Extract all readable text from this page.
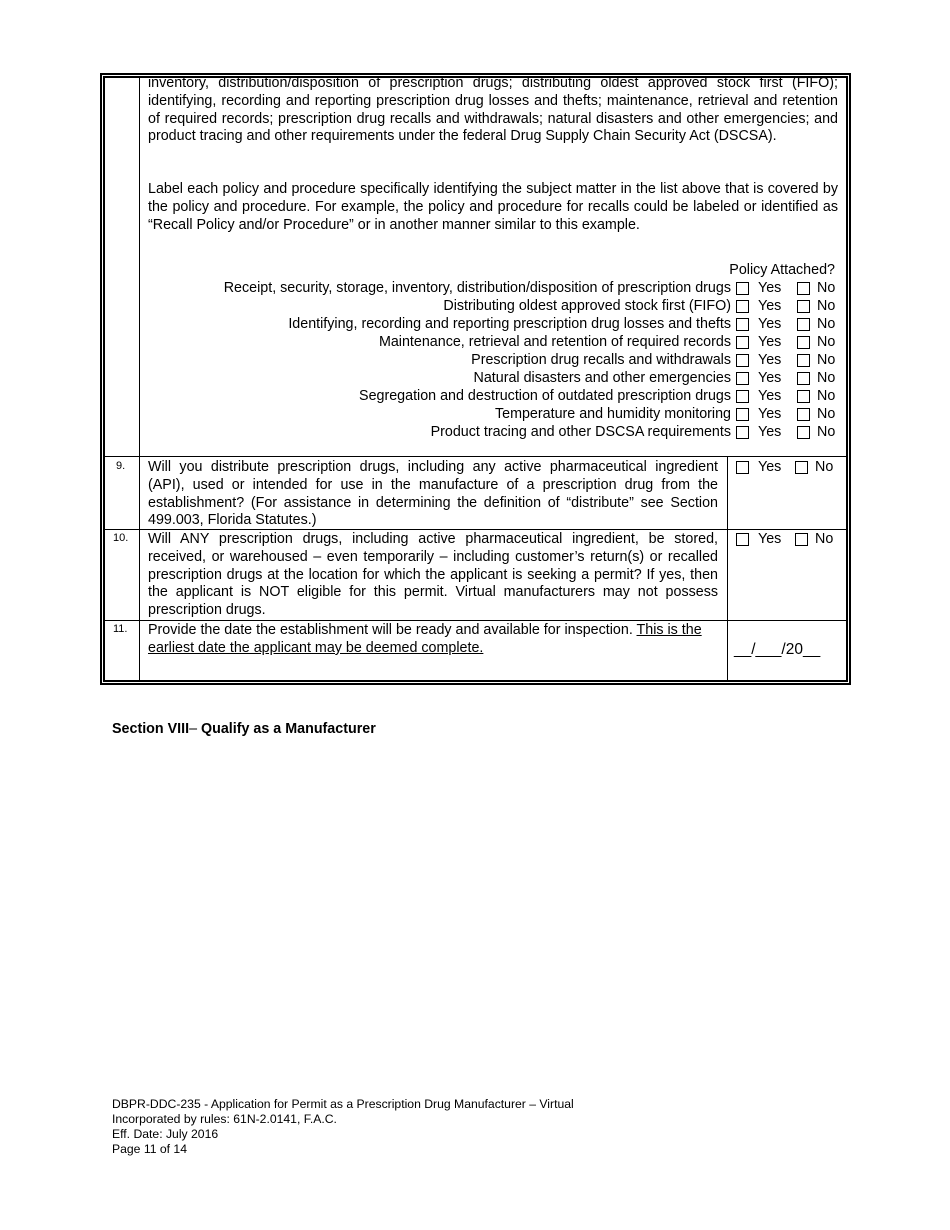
inventory, distribution/disposition of prescription drugs; distributing oldest approved stock first (FIFO); identifying, recording and reporting prescription drug losses and thefts; maintenance, retrieval and retention of required records; prescription drug recalls and withdrawals; natural disasters and other emergencies; and product tracing and other requirements under the federal Drug Supply Chain Security Act (DSCSA).
Label each policy and procedure specifically identifying the subject matter in the list above that is covered by the policy and procedure. For example, the policy and procedure for recalls could be labeled or identified as “Recall Policy and/or Procedure” or in another manner similar to this example.
Policy Attached?
Receipt, security, storage, inventory, distribution/disposition of prescription drugs Yes No
Distributing oldest approved stock first (FIFO) Yes No
Identifying, recording and reporting prescription drug losses and thefts Yes No
Maintenance, retrieval and retention of required records Yes No
Prescription drug recalls and withdrawals Yes No
Natural disasters and other emergencies Yes No
Segregation and destruction of outdated prescription drugs Yes No
Temperature and humidity monitoring Yes No
Product tracing and other DSCSA requirements Yes No
9. Will you distribute prescription drugs, including any active pharmaceutical ingredient (API), used or intended for use in the manufacture of a prescription drug from the establishment? (For assistance in determining the definition of “distribute” see Section 499.003, Florida Statutes.)
Yes No
10. Will ANY prescription drugs, including active pharmaceutical ingredient, be stored, received, or warehoused – even temporarily – including customer’s return(s) or recalled prescription drugs at the location for which the applicant is seeking a permit? If yes, then the applicant is NOT eligible for this permit. Virtual manufacturers may not possess prescription drugs.
Yes No
11. Provide the date the establishment will be ready and available for inspection. This is the earliest date the applicant may be deemed complete.	__/___/20__
Section VIII– Qualify as a Manufacturer
DBPR-DDC-235 - Application for Permit as a Prescription Drug Manufacturer – Virtual
Incorporated by rules: 61N-2.0141, F.A.C.
Eff. Date: July 2016
Page 11 of 14
